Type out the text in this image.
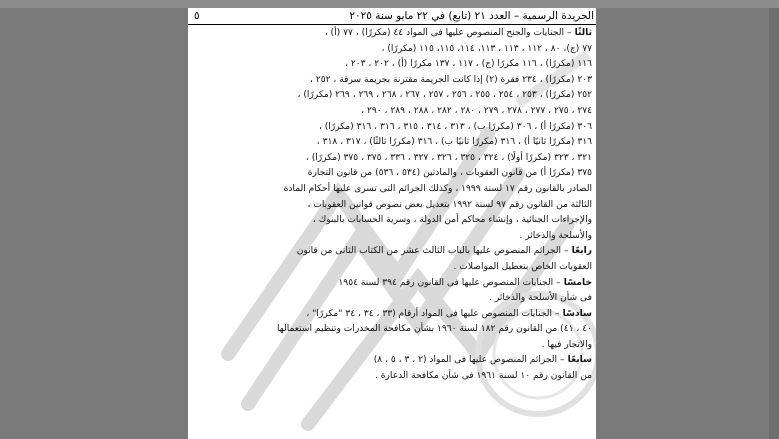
الجريدة الرسمية – العدد ٢١ (تابع) في ٢٢ مايو سنة ٢٠٢٥
٥
ثالثًا – الجنايات والجنح المنصوص عليها فى المواد ٤٤ (مكررًا) ، ٧٧ (أ) ،
٧٧ (ج)، ٨٠ ، ١١٢ ، ١١٣ ، ١١٣، ١١٤، ١١٥، ١١٥ (مكررًا) ،
١١٦ (مكررًا) ، ١١٦ مكررًا (ج) ، ١١٧ ، ١٣٧ مكررًا (أ) ، ٢٠٢ ، ٢٠٣ ،
٢٠٣ (مكررًا) ، ٢٣٤ فقرة (٢) إذا كانت الجريمة مقترنة بجريمة سرقة ، ٢٥٢ ،
٢٥٢ (مكررًا) ، ٢٥٣ ، ٢٥٤ ، ٢٥٥ ، ٢٥٦ ، ٢٥٧ ، ٢٦٧ ، ٢٦٨ ، ٢٦٩ ، ٢٦٩ (مكررًا) ،
٢٧٤ ، ٢٧٥ ، ٢٧٧ ، ٢٧٨ ، ٢٧٩ ، ٢٨٠ ، ٢٨٢ ، ٢٨٨ ، ٢٨٩ ، ٢٩٠ ،
٣٠٦ (مكررًا أ) ، ٣٠٦ (مكررًا ب) ، ٣١٣ ، ٣١٤ ، ٣١٥ ، ٣١٦ ، ٣١٦ (مكررًا) ،
٣١٦ (مكررًا ثانيًا أ) ، ٣١٦ (مكررًا ثانيًا ب) ، ٣١٦ (مكررًا ثالثًا) ، ٣١٧ ، ٣١٨ ،
٣٢١ ، ٣٢٣ (مكررًا أولًا) ، ٣٢٤ ، ٣٢٥ ، ٣٢٦ ، ٣٢٧ ، ٣٣٦ ، ٣٧٥ ، ٣٧٥ (مكررًا) ،
٣٧٥ (مكررًا أ) من قانون العقوبات ، والمادتين (٥٣٤ ، ٥٣٦) من قانون التجارة
الصادر بالقانون رقم ١٧ لسنة ١٩٩٩ ، وكذلك الجرائم التى تسرى عليها أحكام المادة
الثالثة من القانون رقم ٩٧ لسنة ١٩٩٢ بتعديل بعض نصوص قوانين العقوبات ،
والإجراءات الجنائية ، وإنشاء محاكم أمن الدولة ، وسرية الحسابات بالبنوك ،
والأسلحة والذخائر .
رابعًا – الجرائم المنصوص عليها بالباب الثالث عشر من الكتاب الثانى من قانون
العقوبات الخاص بتعطيل المواصلات .
خامسًا – الجنايات المنصوص عليها فى القانون رقم ٣٩٤ لسنة ١٩٥٤
فى شأن الأسلحة والذخائر .
سادسًا – الجنايات المنصوص عليها فى المواد أرقام (٣٣ ، ٣٤ ، ٣٤ "مكررًا" ،
٤٠ ، ٤١) من القانون رقم ١٨٢ لسنة ١٩٦٠ بشأن مكافحة المخدرات وتنظيم استعمالها
والاتجار فيها .
سابعًا – الجرائم المنصوص عليها فى المواد (٢ ، ٣ ، ٥ ، ٨)
من القانون رقم ١٠ لسنة ١٩٦١ فى شأن مكافحة الدعارة .
